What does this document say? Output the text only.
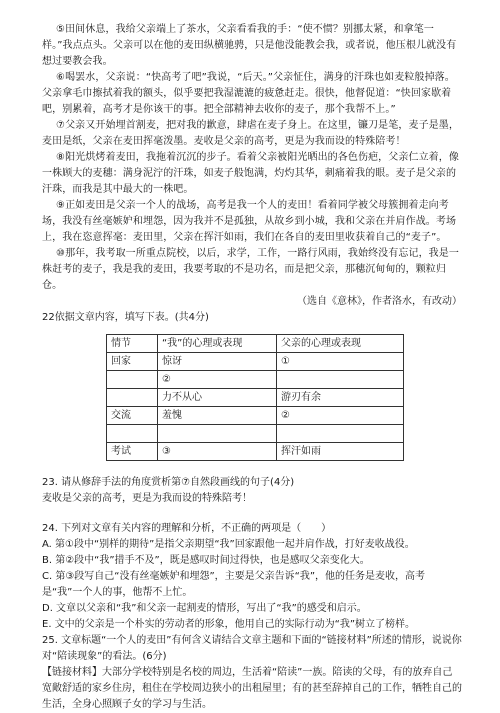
⑤田间休息，我给父亲端上了茶水，父亲看看我的手：“使不惯？别挪太紧，和拿笔一样。”我点点头。父亲可以在他的麦田纵横驰骋，只是他没能教会我，或者说，他压根儿就没有想过要教会我。

⑥喝罢水，父亲说：“快高考了吧”我说，“后天。”父亲怔住，满身的汗珠也如麦粒般掉落。父亲拿毛巾擦拭着我的额头，似乎要把我湿漉漉的疲惫赶走。很快，他督促道：“快回家歇着吧，别累着，高考才是你该干的事。把全部精神去收你的麦子，那个我帮不上。”

⑦父亲又开始埋首割麦，把对我的歉意，肆虐在麦子身上。在这里，镰刀是笔，麦子是墨，麦田是纸，父亲在麦田挥毫泼墨。麦收是父亲的高考，更是为我而设的特殊陪考！

⑧阳光烘烤着麦田，我拖着沉沉的步子。看着父亲被阳光晒出的各色伤疤，父亲仁立着，像一株顾大的麦穗：满身泥泞的汗珠，如麦子般饱满，灼灼其华，刺痛着我的眼。麦子是父亲的汗珠，而我是其中最大的一株吧。

⑨正如麦田是父亲一个人的战场，高考是我一个人的麦田！看着同学被父母簇拥着走向考场，我没有丝毫嫉妒和埋怨，因为我并不是孤独，从故乡到小城，我和父亲在并肩作战。考场上，我在恣意挥毫：麦田里，父亲在挥汗如雨，我们在各自的麦田里收获着自己的“麦子”。

⑩那年，我考取一所重点院校，以后，求学，工作，一路行风雨，我始终没有忘记，我是一株赶考的麦子，我是我的麦田，我要考取的不是功名，而是把父亲，那穗沉甸甸的，颗粒归仓。

（选自《意林》，作者洛水，有改动）

22依据文章内容，填写下表。(共4分)

情节	“我”的心理或表现	父亲的心理或表现
回家	惊讶	①
	②	
	力不从心	游刃有余
交流	羞愧	②

考试	③	挥汗如雨

23. 请从修辞手法的角度赏析第⑦自然段画线的句子(4分)

麦收是父亲的高考，更是为我而设的特殊陪考！

24. 下列对文章有关内容的理解和分析，不正确的两项是（　　）

A. 第①段中“别样的期待”是指父亲期望“我”回家跟他一起并肩作战，打好麦收战役。

B. 第②段中“我”措手不及”，既是感叹时间过得快，也是感叹父亲变化大。

C. 第③段写自己“没有丝毫嫉妒和埋怨”，主要是父亲告诉“我”，他的任务是麦收，高考是“我”一个人的事，他帮不上忙。

D. 文章以父亲和“我”和父亲一起割麦的情形，写出了“我”的感受和启示。

E. 文中的父亲是一个朴实的劳动者的形象，他用自己的实际行动为“我”树立了榜样。

25. 文章标题“一个人的麦田”有何含义请结合文章主题和下面的“链接材料”所述的情形，说说你对“陪读现象”的看法。(6分)

【链接材料】大部分学校特别是名校的周边，生活着“陪读”一族。陪读的父母，有的放弃自己宽敞舒适的家乡住房，租住在学校周边狭小的出租屋里；有的甚至辞掉自己的工作，牺牲自己的生活，全身心照顾子女的学习与生活。
